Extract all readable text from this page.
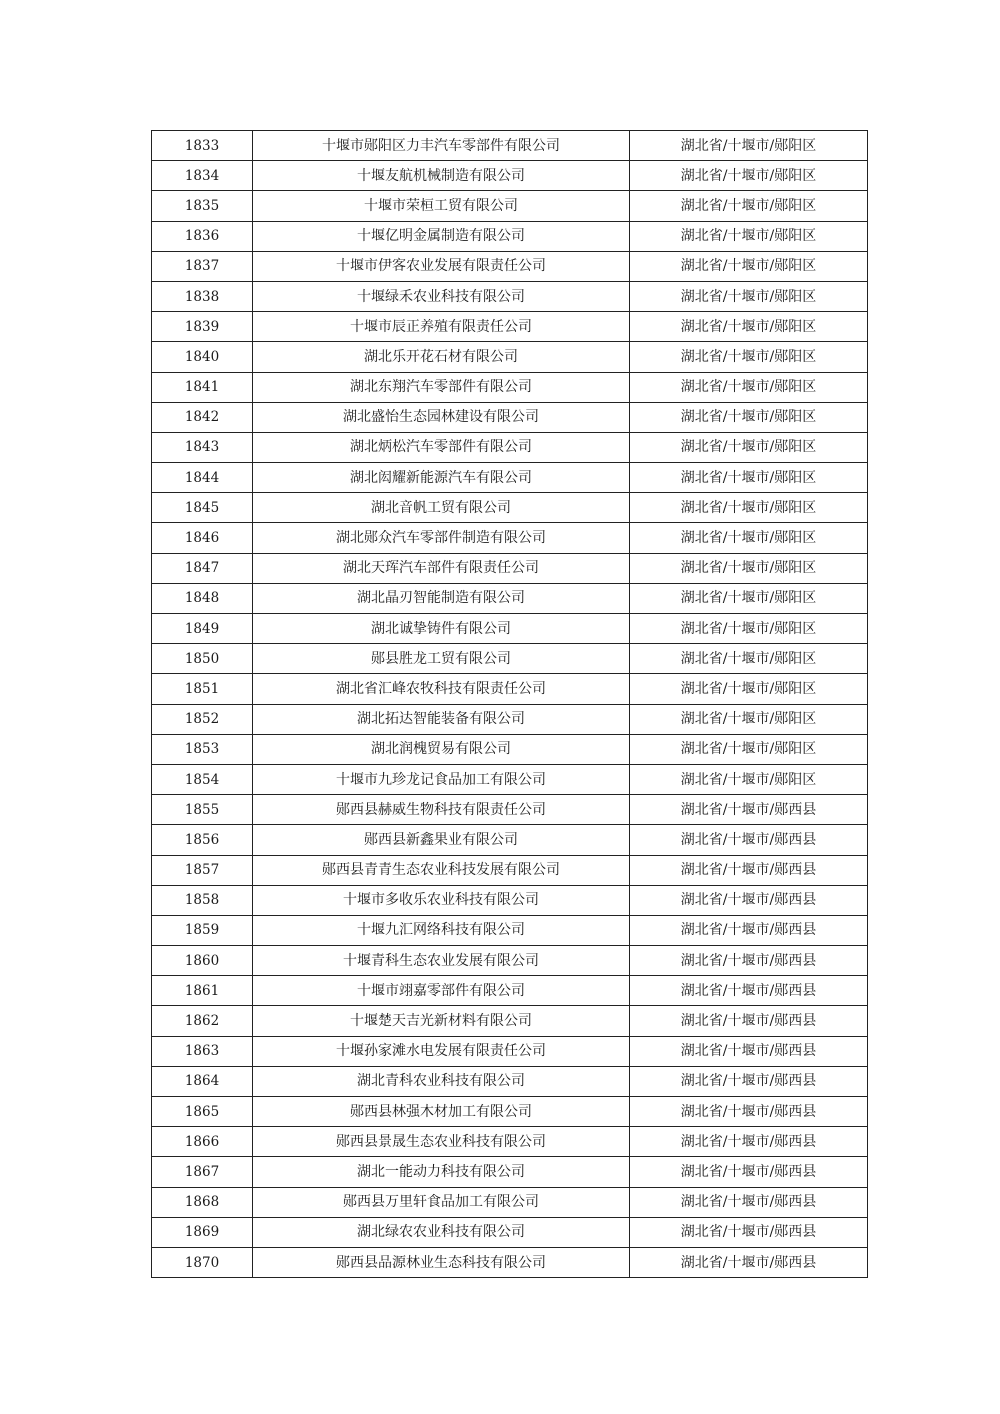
1833	十堰市郧阳区力丰汽车零部件有限公司	湖北省/十堰市/郧阳区
1834	十堰友航机械制造有限公司	湖北省/十堰市/郧阳区
1835	十堰市荣桓工贸有限公司	湖北省/十堰市/郧阳区
1836	十堰亿明金属制造有限公司	湖北省/十堰市/郧阳区
1837	十堰市伊客农业发展有限责任公司	湖北省/十堰市/郧阳区
1838	十堰绿禾农业科技有限公司	湖北省/十堰市/郧阳区
1839	十堰市辰正养殖有限责任公司	湖北省/十堰市/郧阳区
1840	湖北乐开花石材有限公司	湖北省/十堰市/郧阳区
1841	湖北东翔汽车零部件有限公司	湖北省/十堰市/郧阳区
1842	湖北盛怡生态园林建设有限公司	湖北省/十堰市/郧阳区
1843	湖北炳松汽车零部件有限公司	湖北省/十堰市/郧阳区
1844	湖北闳耀新能源汽车有限公司	湖北省/十堰市/郧阳区
1845	湖北音帆工贸有限公司	湖北省/十堰市/郧阳区
1846	湖北郧众汽车零部件制造有限公司	湖北省/十堰市/郧阳区
1847	湖北天珲汽车部件有限责任公司	湖北省/十堰市/郧阳区
1848	湖北晶刃智能制造有限公司	湖北省/十堰市/郧阳区
1849	湖北诚挚铸件有限公司	湖北省/十堰市/郧阳区
1850	郧县胜龙工贸有限公司	湖北省/十堰市/郧阳区
1851	湖北省汇峰农牧科技有限责任公司	湖北省/十堰市/郧阳区
1852	湖北拓达智能装备有限公司	湖北省/十堰市/郧阳区
1853	湖北润槐贸易有限公司	湖北省/十堰市/郧阳区
1854	十堰市九珍龙记食品加工有限公司	湖北省/十堰市/郧阳区
1855	郧西县赫威生物科技有限责任公司	湖北省/十堰市/郧西县
1856	郧西县新鑫果业有限公司	湖北省/十堰市/郧西县
1857	郧西县青青生态农业科技发展有限公司	湖北省/十堰市/郧西县
1858	十堰市多收乐农业科技有限公司	湖北省/十堰市/郧西县
1859	十堰九汇网络科技有限公司	湖北省/十堰市/郧西县
1860	十堰青科生态农业发展有限公司	湖北省/十堰市/郧西县
1861	十堰市翊嘉零部件有限公司	湖北省/十堰市/郧西县
1862	十堰楚天吉光新材料有限公司	湖北省/十堰市/郧西县
1863	十堰孙家滩水电发展有限责任公司	湖北省/十堰市/郧西县
1864	湖北青科农业科技有限公司	湖北省/十堰市/郧西县
1865	郧西县林强木材加工有限公司	湖北省/十堰市/郧西县
1866	郧西县景晟生态农业科技有限公司	湖北省/十堰市/郧西县
1867	湖北一能动力科技有限公司	湖北省/十堰市/郧西县
1868	郧西县万里轩食品加工有限公司	湖北省/十堰市/郧西县
1869	湖北绿农农业科技有限公司	湖北省/十堰市/郧西县
1870	郧西县品源林业生态科技有限公司	湖北省/十堰市/郧西县
